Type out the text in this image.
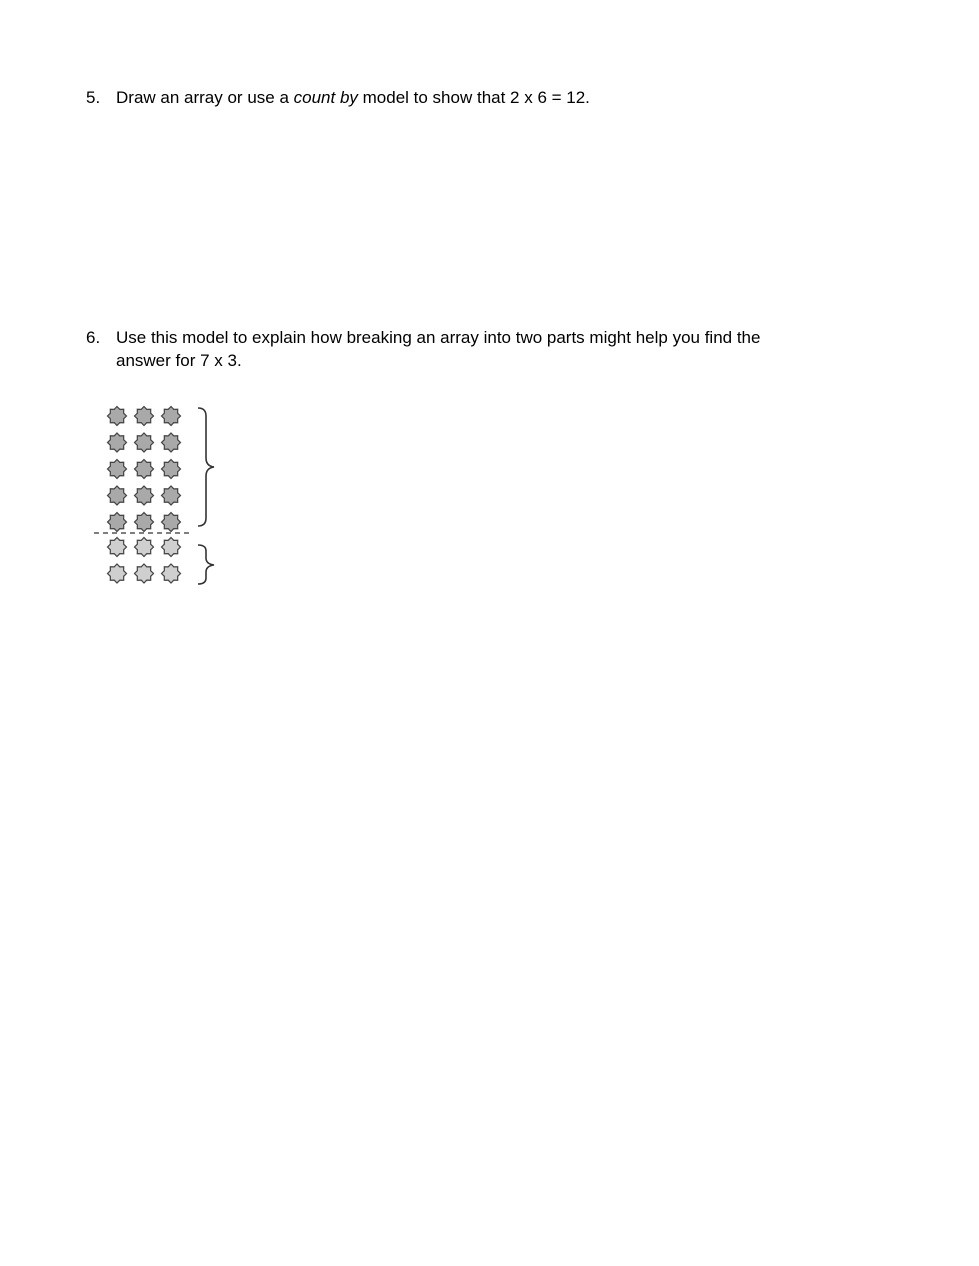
5. Draw an array or use a count by model to show that 2 x 6 = 12.
6. Use this model to explain how breaking an array into two parts might help you find the answer for 7 x 3.
